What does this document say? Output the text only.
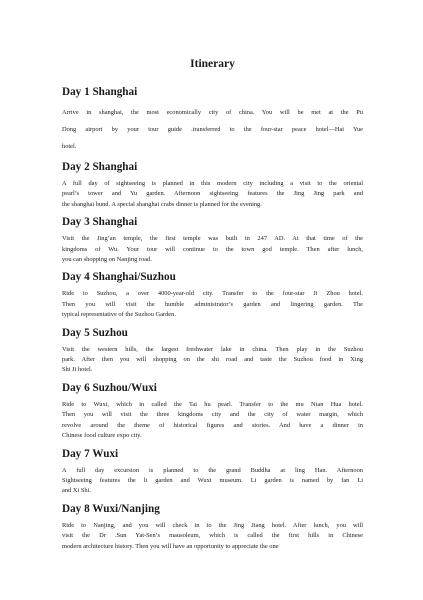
Itinerary
Day 1 Shanghai

Arrive in shanghai, the most economically city of china. You will be met at the Pu
Dong airport by your tour guide .transferred to the four-star peace hotel—Hai Yue
hotel.

Day 2 Shanghai

A full day of sightseeing is planned in this modern city including a visit to the oriental
pearl’s tower and Yu garden. Afternoon sightseeing features the Jing Jing park and
the shanghai bund. A special shanghai crabs dinner is planned for the evening.

Day 3 Shanghai

Visit the Jing’an temple, the first temple was built in 247 AD. At that time of the
kingdoms of Wu. Your tour will continue to the town god temple. Then after lunch,
you can shopping on Nanjing road.

Day 4 Shanghai/Suzhou

Ride to Suzhou, a over 4000-year-old city. Transfer to the four-star Ji Zhou hotel.
Then you will visit the humble administrator’s garden and lingering garden. The
typical representative of the Suzhou Garden.

Day 5 Suzhou

Visit the western hills, the largest freshwater lake in china. Then play in the Suzhou
park. After then you will shopping on the shi road and taste the Suzhou food in Xing
Shi Ji hotel.

Day 6 Suzhou/Wuxi

Ride to Wuxi, which in called the Tai hu pearl. Transfer to the mu Nian Hua hotel.
Then you will visit the three kingdoms city and the city of water margin, which
revolve around the theme of historical figures and stories. And have a dinner in
Chinese food culture expo city.

Day 7 Wuxi

A full day excursion is planned to the grand Buddha at ling Han. Afternoon
Sightseeing features the li garden and Wuxi museum. Li garden is named by fan Li
and Xi Shi.

Day 8 Wuxi/Nanjing

Ride to Nanjing, and you will check in to the Jing Jiang hotel. After lunch, you will
visit the Dr .Sun Yat-Sen’s mausoleum, which is called the first hills in Chinese
modern architecture history. Then you will have an opportunity to appreciate the one
